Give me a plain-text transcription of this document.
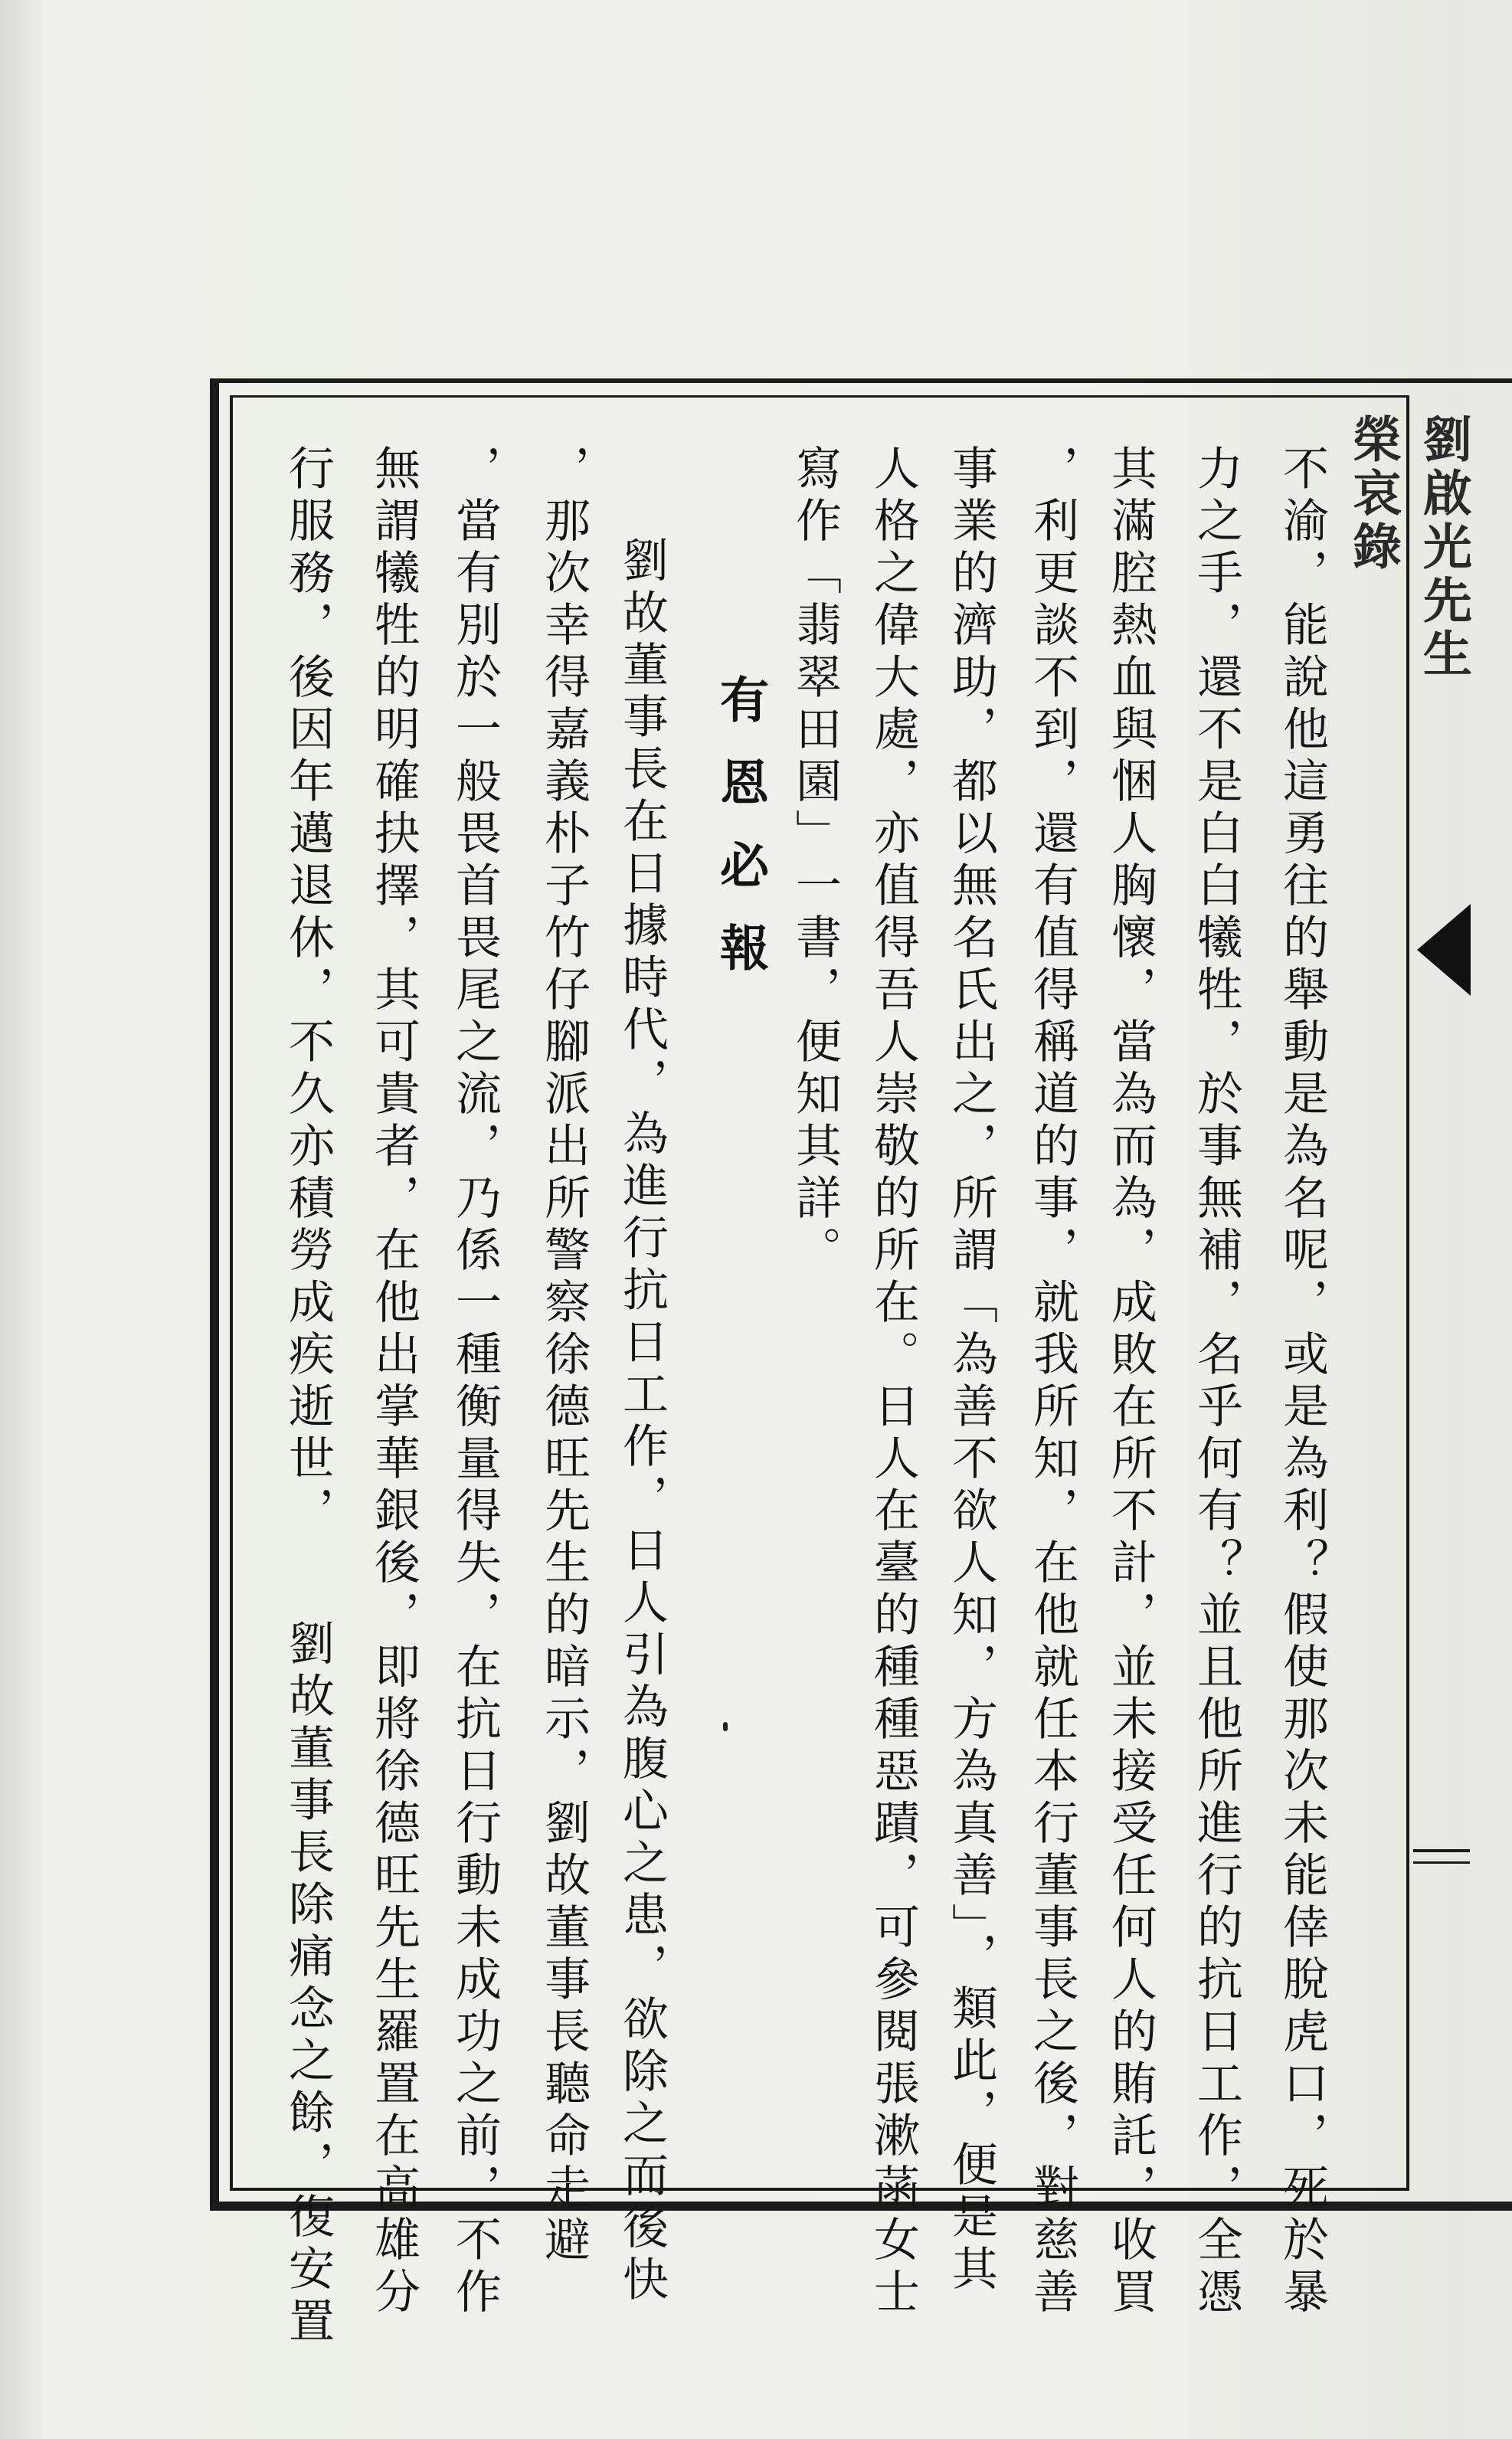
劉啟光先生榮哀錄
不渝，能說他這勇往的舉動是為名呢，或是為利？假使那次未能倖脫虎口，死於暴
力之手，還不是白白犧牲，於事無補，名乎何有？並且他所進行的抗日工作，全憑
其滿腔熱血與悃人胸懷，當為而為，成敗在所不計，並未接受任何人的賄託，收買
，利更談不到，還有值得稱道的事，就我所知，在他就任本行董事長之後，對慈善
事業的濟助，都以無名氏出之，所謂「為善不欲人知，方為真善」，類此，便是其
人格之偉大處，亦值得吾人崇敬的所在。日人在臺的種種惡蹟，可參閱張漱菡女士
寫作「翡翠田園」一書，便知其詳。
有恩必報
劉故董事長在日據時代，為進行抗日工作，日人引為腹心之患，欲除之而後快
，那次幸得嘉義朴子竹仔腳派出所警察徐德旺先生的暗示，劉故董事長聽命走避
，當有別於一般畏首畏尾之流，乃係一種衡量得失，在抗日行動未成功之前，不作
無謂犧牲的明確抉擇，其可貴者，在他出掌華銀後，即將徐德旺先生羅置在高雄分
行服務，後因年邁退休，不久亦積勞成疾逝世，　　劉故董事長除痛念之餘，復安置
